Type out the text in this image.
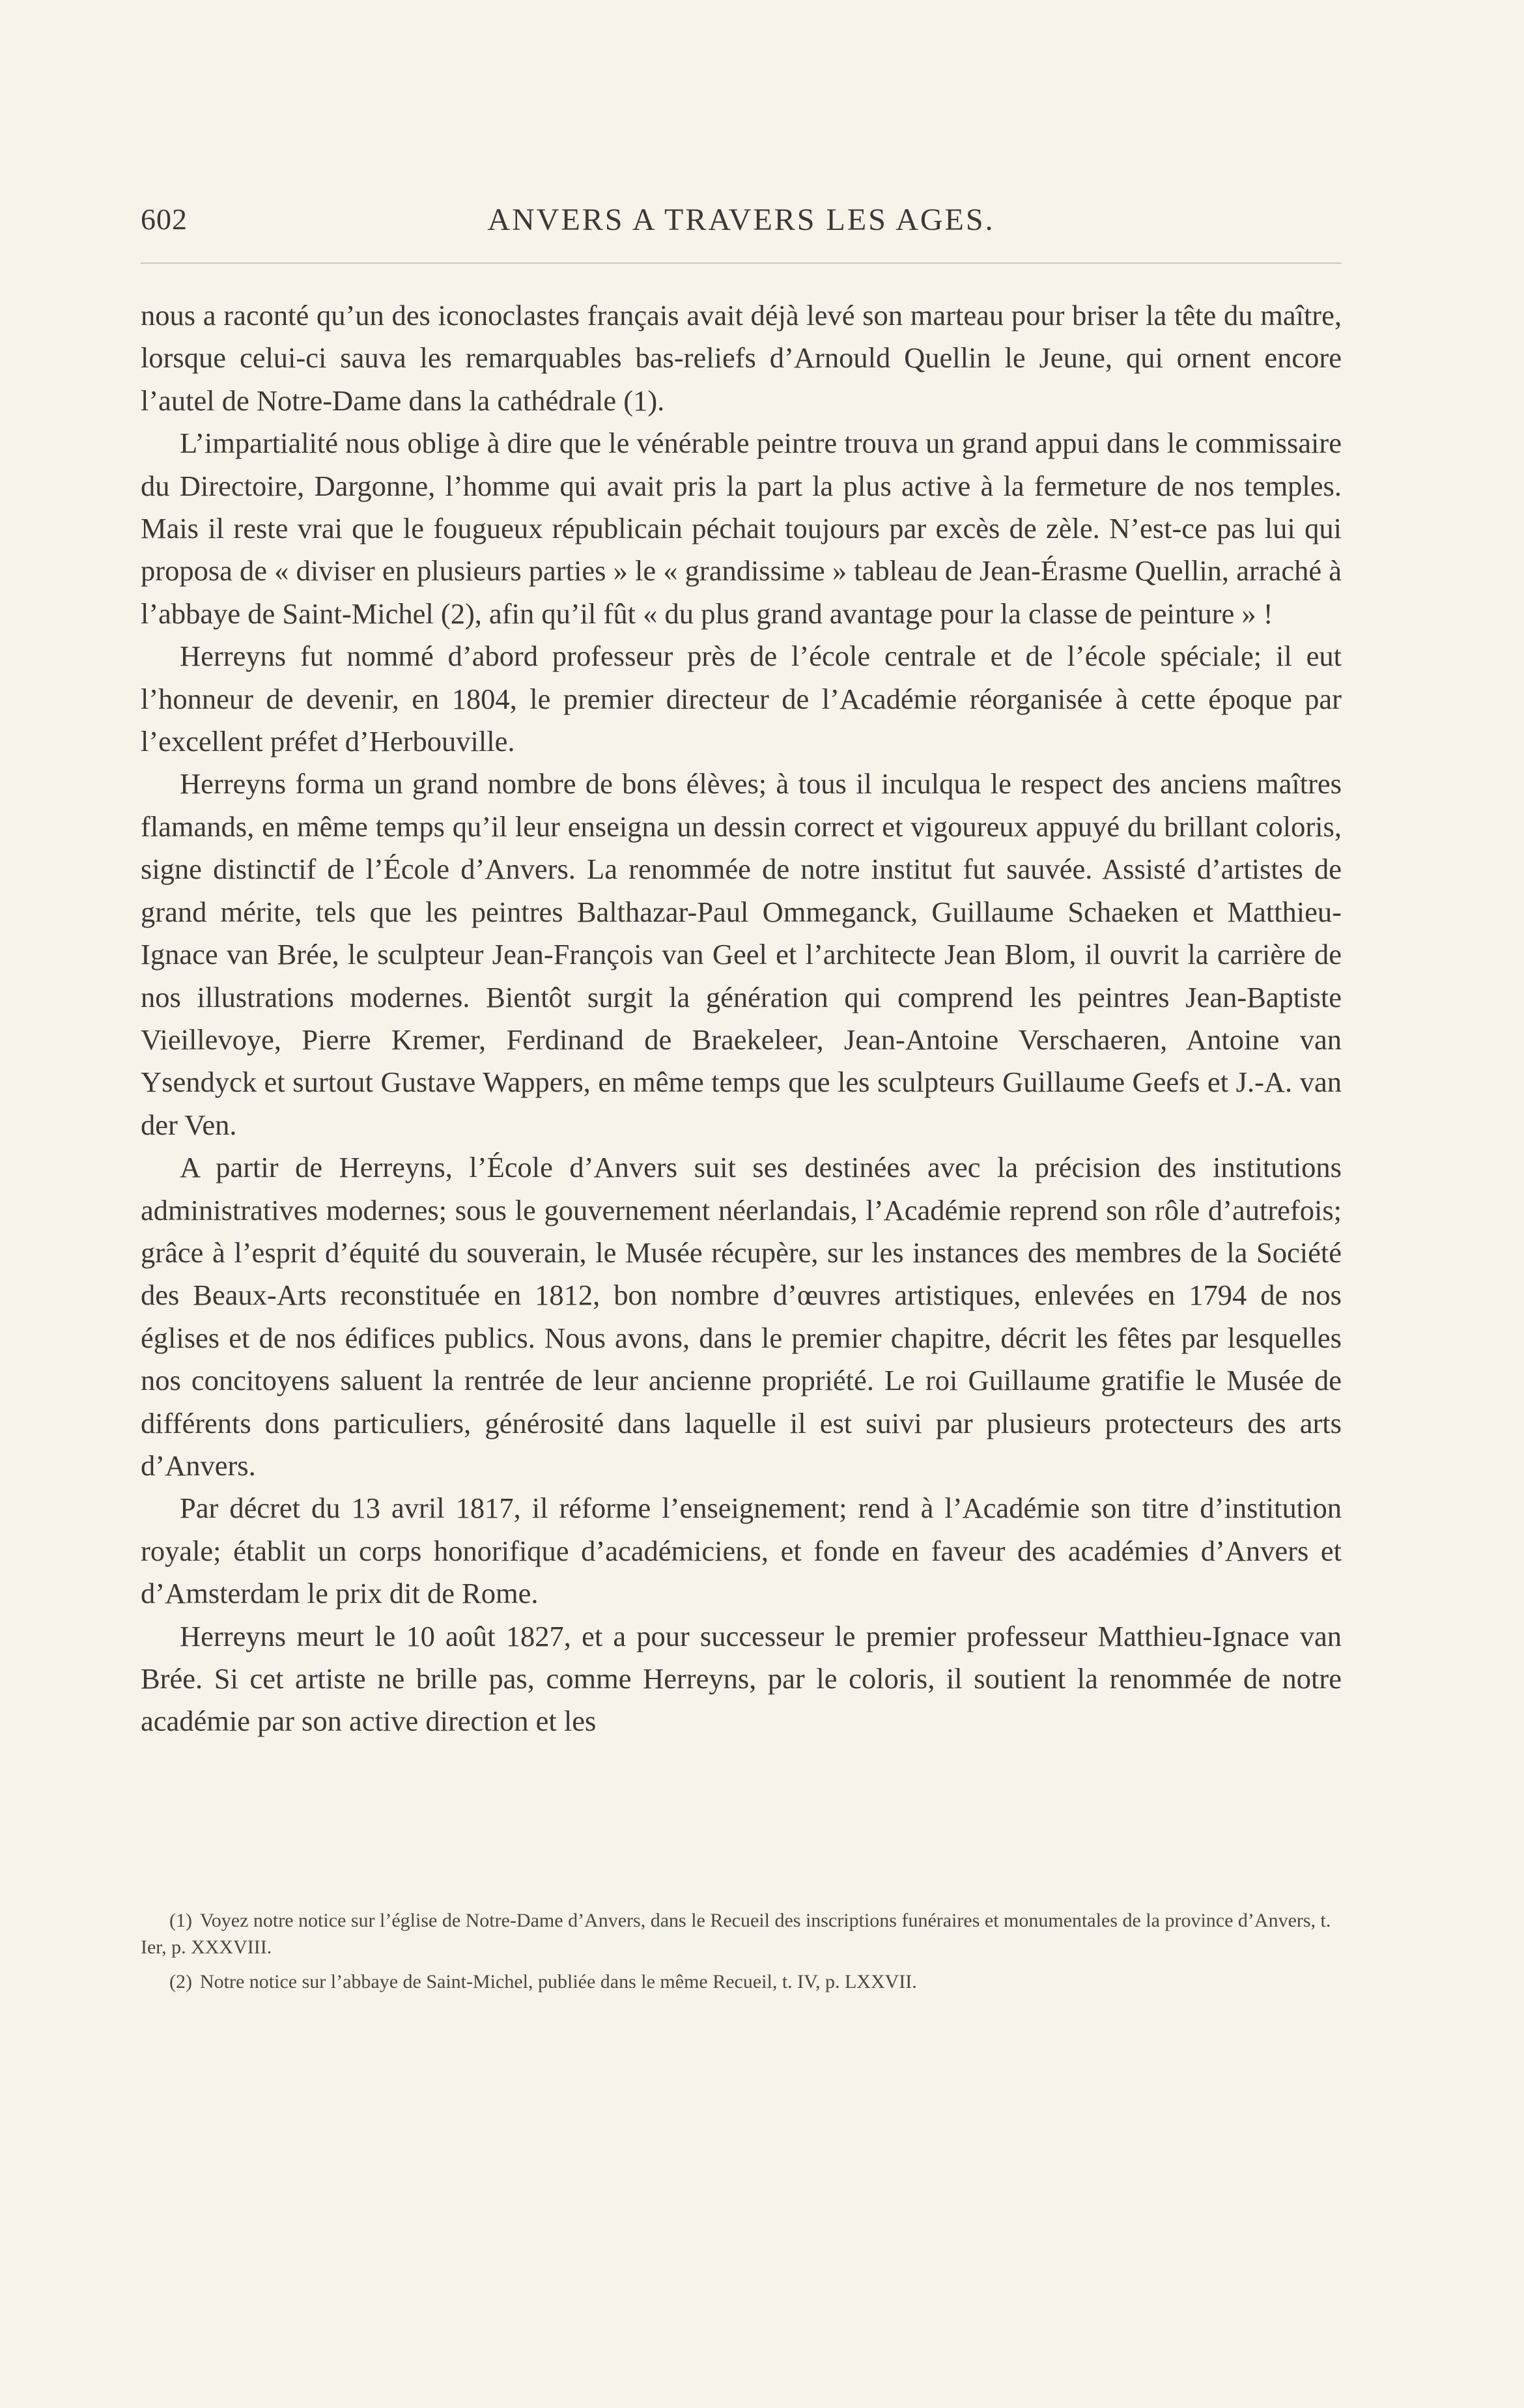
602	ANVERS A TRAVERS LES AGES.

nous a raconté qu’un des iconoclastes français avait déjà levé son marteau pour briser la tête du maître, lorsque celui-ci sauva les remarquables bas-reliefs d’Arnould Quellin le Jeune, qui ornent encore l’autel de Notre-Dame dans la cathédrale (1).

L’impartialité nous oblige à dire que le vénérable peintre trouva un grand appui dans le commissaire du Directoire, Dargonne, l’homme qui avait pris la part la plus active à la fermeture de nos temples. Mais il reste vrai que le fougueux républicain péchait toujours par excès de zèle. N’est-ce pas lui qui proposa de « diviser en plusieurs parties » le « grandissime » tableau de Jean-Érasme Quellin, arraché à l’abbaye de Saint-Michel (2), afin qu’il fût « du plus grand avantage pour la classe de peinture » !

Herreyns fut nommé d’abord professeur près de l’école centrale et de l’école spéciale; il eut l’honneur de devenir, en 1804, le premier directeur de l’Académie réorganisée à cette époque par l’excellent préfet d’Herbouville.

Herreyns forma un grand nombre de bons élèves; à tous il inculqua le respect des anciens maîtres flamands, en même temps qu’il leur enseigna un dessin correct et vigoureux appuyé du brillant coloris, signe distinctif de l’École d’Anvers. La renommée de notre institut fut sauvée. Assisté d’artistes de grand mérite, tels que les peintres Balthazar-Paul Ommeganck, Guillaume Schaeken et Matthieu-Ignace van Brée, le sculpteur Jean-François van Geel et l’architecte Jean Blom, il ouvrit la carrière de nos illustrations modernes. Bientôt surgit la génération qui comprend les peintres Jean-Baptiste Vieillevoye, Pierre Kremer, Ferdinand de Braekeleer, Jean-Antoine Verschaeren, Antoine van Ysendyck et surtout Gustave Wappers, en même temps que les sculpteurs Guillaume Geefs et J.-A. van der Ven.

A partir de Herreyns, l’École d’Anvers suit ses destinées avec la précision des institutions administratives modernes; sous le gouvernement néerlandais, l’Académie reprend son rôle d’autrefois; grâce à l’esprit d’équité du souverain, le Musée récupère, sur les instances des membres de la Société des Beaux-Arts reconstituée en 1812, bon nombre d’œuvres artistiques, enlevées en 1794 de nos églises et de nos édifices publics. Nous avons, dans le premier chapitre, décrit les fêtes par lesquelles nos concitoyens saluent la rentrée de leur ancienne propriété. Le roi Guillaume gratifie le Musée de différents dons particuliers, générosité dans laquelle il est suivi par plusieurs protecteurs des arts d’Anvers.

Par décret du 13 avril 1817, il réforme l’enseignement; rend à l’Académie son titre d’institution royale; établit un corps honorifique d’académiciens, et fonde en faveur des académies d’Anvers et d’Amsterdam le prix dit de Rome.

Herreyns meurt le 10 août 1827, et a pour successeur le premier professeur Matthieu-Ignace van Brée. Si cet artiste ne brille pas, comme Herreyns, par le coloris, il soutient la renommée de notre académie par son active direction et les

(1) Voyez notre notice sur l’église de Notre-Dame d’Anvers, dans le Recueil des inscriptions funéraires et monumentales de la province d’Anvers, t. Ier, p. XXXVIII.

(2) Notre notice sur l’abbaye de Saint-Michel, publiée dans le même Recueil, t. IV, p. LXXVII.
